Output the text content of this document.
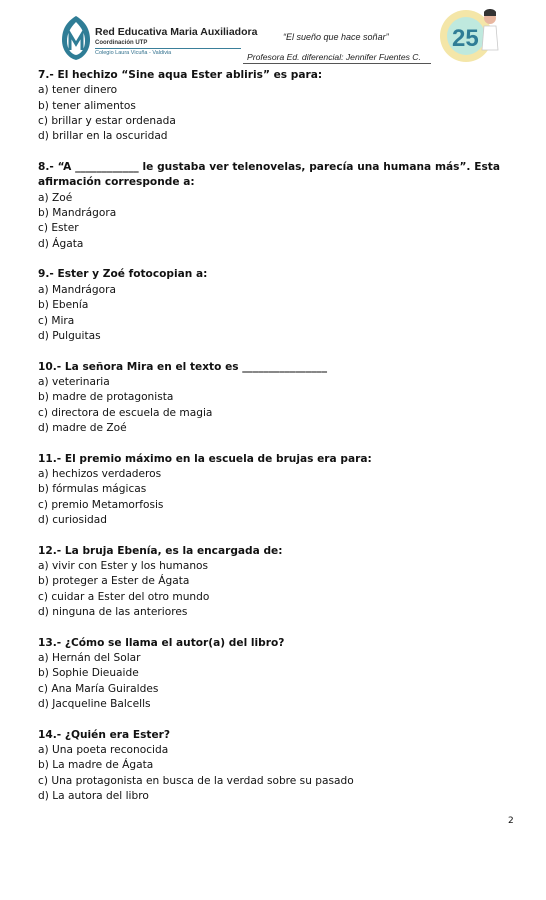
Red Educativa Maria Auxiliadora
Coordinación UTP
Colegio Laura Vicuña - Valdivia
“El sueño que hace soñar”
Profesora Ed. diferencial: Jennifer Fuentes C.
25
7.- El hechizo “Sine aqua Ester abliris” es para:
a) tener dinero
b) tener alimentos
c) brillar y estar ordenada
d) brillar en la oscuridad
8.- “A ____________ le gustaba ver telenovelas, parecía una humana más”. Esta afirmación corresponde a:
a) Zoé
b) Mandrágora
c) Ester
d) Ágata
9.- Ester y Zoé fotocopian a:
a) Mandrágora
b) Ebenía
c) Mira
d) Pulguitas
10.- La señora Mira en el texto es ________________
a) veterinaria
b) madre de protagonista
c) directora de escuela de magia
d) madre de Zoé
11.- El premio máximo en la escuela de brujas era para:
a) hechizos verdaderos
b) fórmulas mágicas
c) premio Metamorfosis
d) curiosidad
12.- La bruja Ebenía, es la encargada de:
a) vivir con Ester y los humanos
b) proteger a Ester de Ágata
c) cuidar a Ester del otro mundo
d) ninguna de las anteriores
13.- ¿Cómo se llama el autor(a) del libro?
a) Hernán del Solar
b) Sophie Dieuaide
c) Ana María Guiraldes
d) Jacqueline Balcells
14.- ¿Quién era Ester?
a) Una poeta reconocida
b) La madre de Ágata
c) Una protagonista en busca de la verdad sobre su pasado
d) La autora del libro
2
